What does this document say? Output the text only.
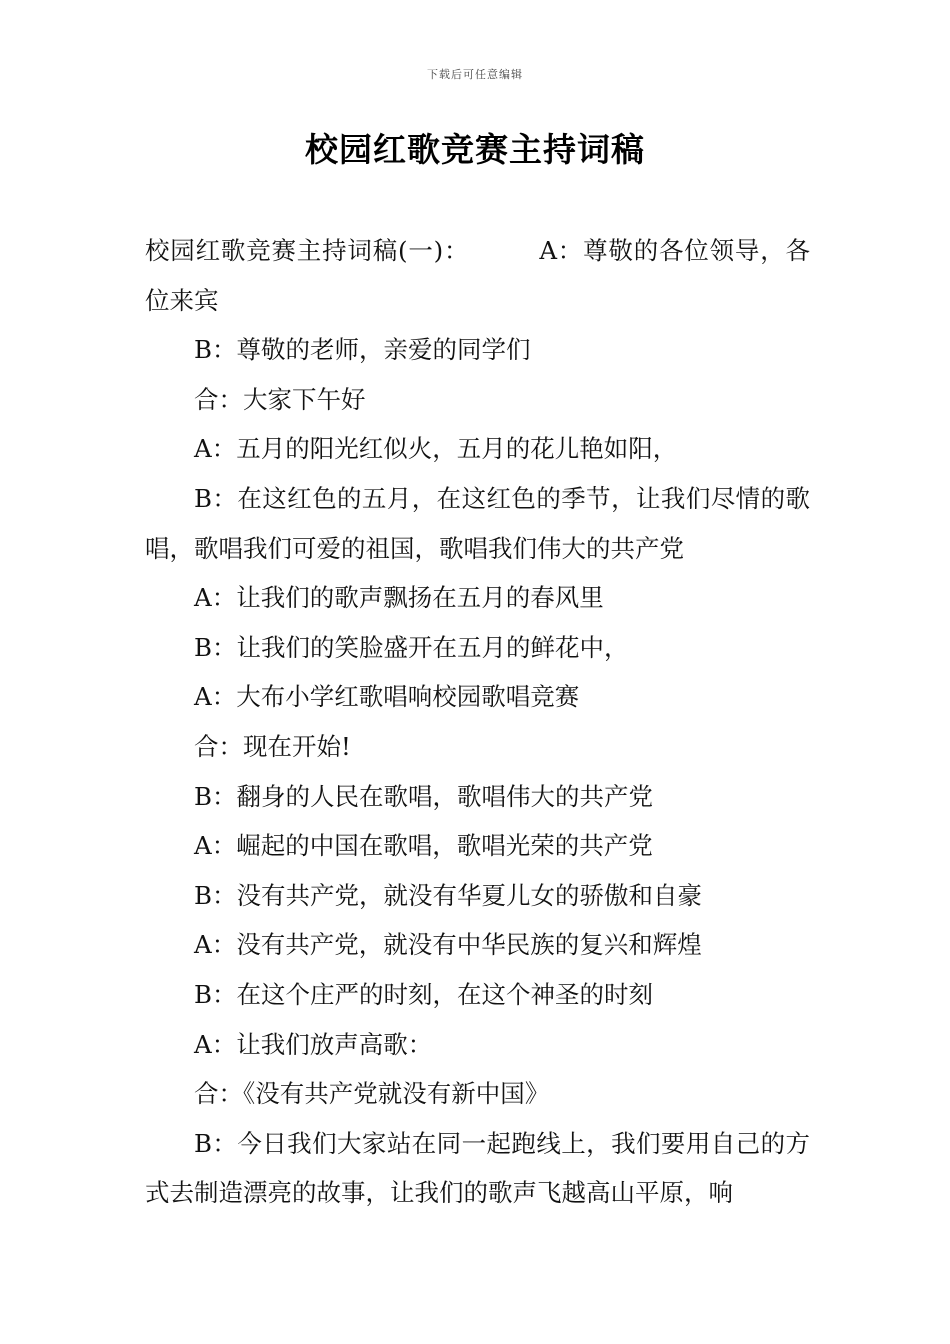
下载后可任意编辑
校园红歌竞赛主持词稿

校园红歌竞赛主持词稿(一)：	A：尊敬的各位领导，各位来宾

B：尊敬的老师，亲爱的同学们

合：大家下午好

A：五月的阳光红似火，五月的花儿艳如阳，

B：在这红色的五月，在这红色的季节，让我们尽情的歌唱，歌唱我们可爱的祖国，歌唱我们伟大的共产党

A：让我们的歌声飘扬在五月的春风里

B：让我们的笑脸盛开在五月的鲜花中，

A：大布小学红歌唱响校园歌唱竞赛

合：现在开始!

B：翻身的人民在歌唱，歌唱伟大的共产党

A：崛起的中国在歌唱，歌唱光荣的共产党

B：没有共产党，就没有华夏儿女的骄傲和自豪

A：没有共产党，就没有中华民族的复兴和辉煌

B：在这个庄严的时刻，在这个神圣的时刻

A：让我们放声高歌：

合：《没有共产党就没有新中国》

B：今日我们大家站在同一起跑线上，我们要用自己的方式去制造漂亮的故事，让我们的歌声飞越高山平原，响
